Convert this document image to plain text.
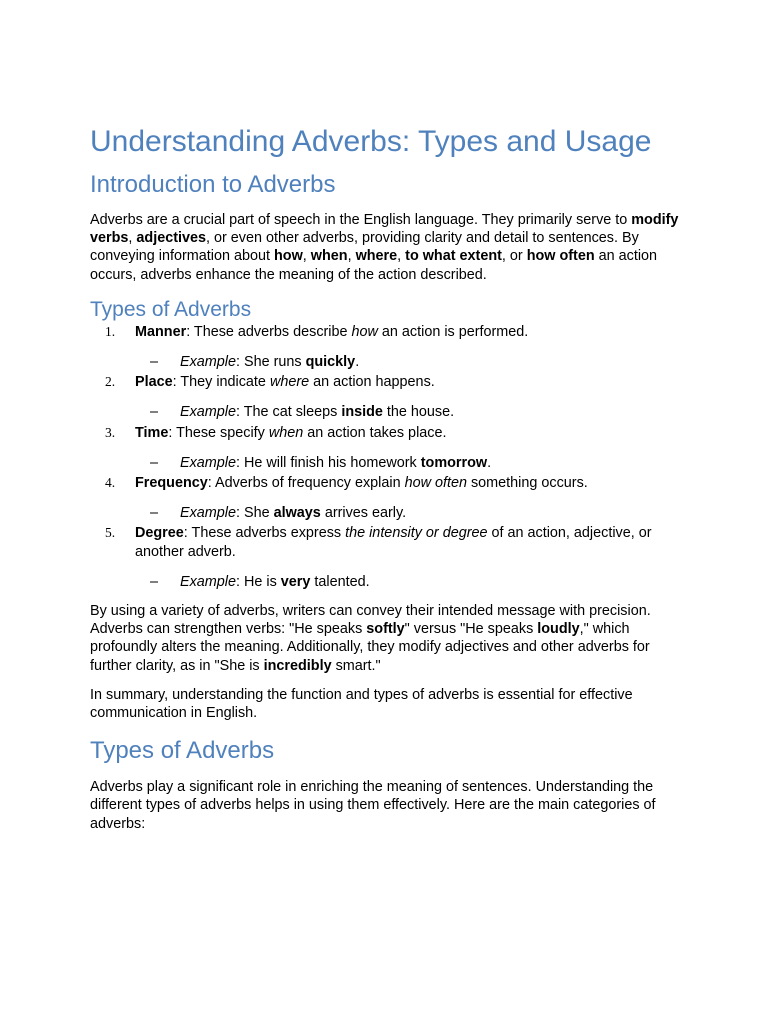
Understanding Adverbs: Types and Usage
Introduction to Adverbs

Adverbs are a crucial part of speech in the English language. They primarily serve to modify verbs, adjectives, or even other adverbs, providing clarity and detail to sentences. By conveying information about how, when, where, to what extent, or how often an action occurs, adverbs enhance the meaning of the action described.

Types of Adverbs
1. Manner: These adverbs describe how an action is performed.
– Example: She runs quickly.
2. Place: They indicate where an action happens.
– Example: The cat sleeps inside the house.
3. Time: These specify when an action takes place.
– Example: He will finish his homework tomorrow.
4. Frequency: Adverbs of frequency explain how often something occurs.
– Example: She always arrives early.
5. Degree: These adverbs express the intensity or degree of an action, adjective, or another adverb.
– Example: He is very talented.

By using a variety of adverbs, writers can convey their intended message with precision. Adverbs can strengthen verbs: "He speaks softly" versus "He speaks loudly," which profoundly alters the meaning. Additionally, they modify adjectives and other adverbs for further clarity, as in "She is incredibly smart."

In summary, understanding the function and types of adverbs is essential for effective communication in English.

Types of Adverbs

Adverbs play a significant role in enriching the meaning of sentences. Understanding the different types of adverbs helps in using them effectively. Here are the main categories of adverbs:
